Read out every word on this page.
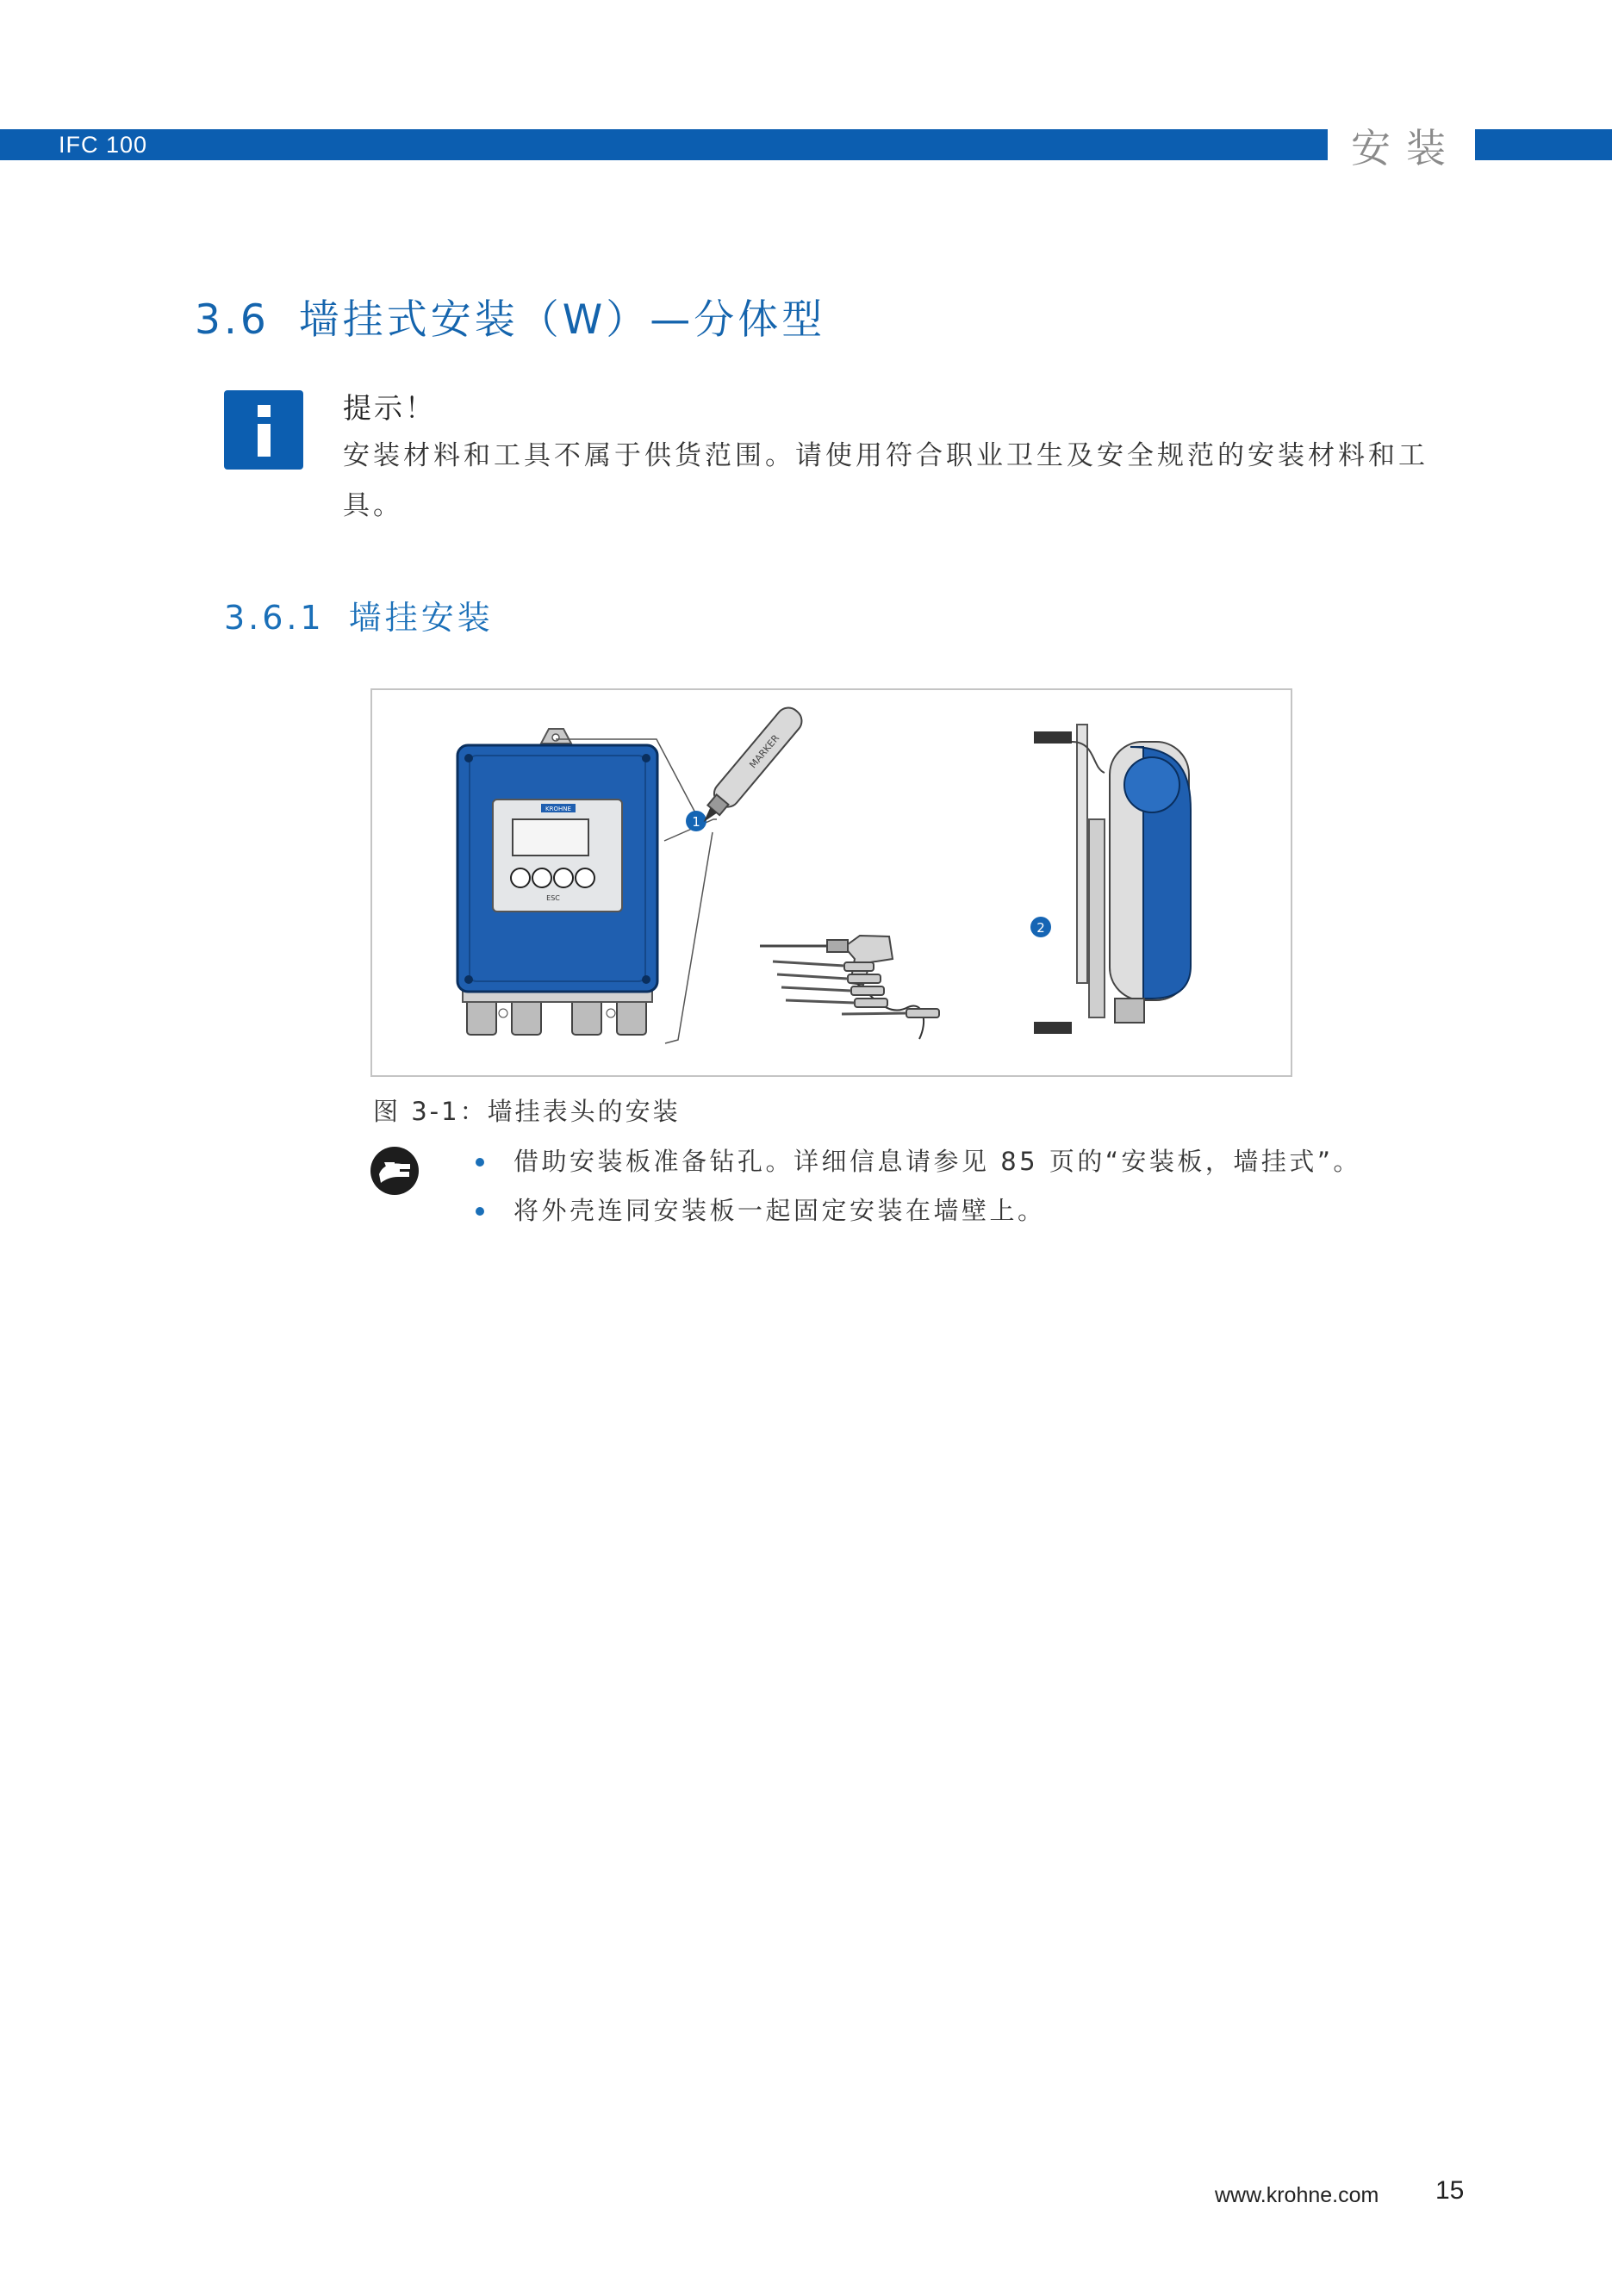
IFC 100	安装
3.6 墙挂式安装（W）—分体型
提示！
安装材料和工具不属于供货范围。请使用符合职业卫生及安全规范的安装材料和工具。
3.6.1 墙挂安装
KROHNE
ESC
1
MARKER
2
图 3-1：墙挂表头的安装
借助安装板准备钻孔。详细信息请参见 85 页的“安装板，墙挂式”。
将外壳连同安装板一起固定安装在墙壁上。
www.krohne.com 15
